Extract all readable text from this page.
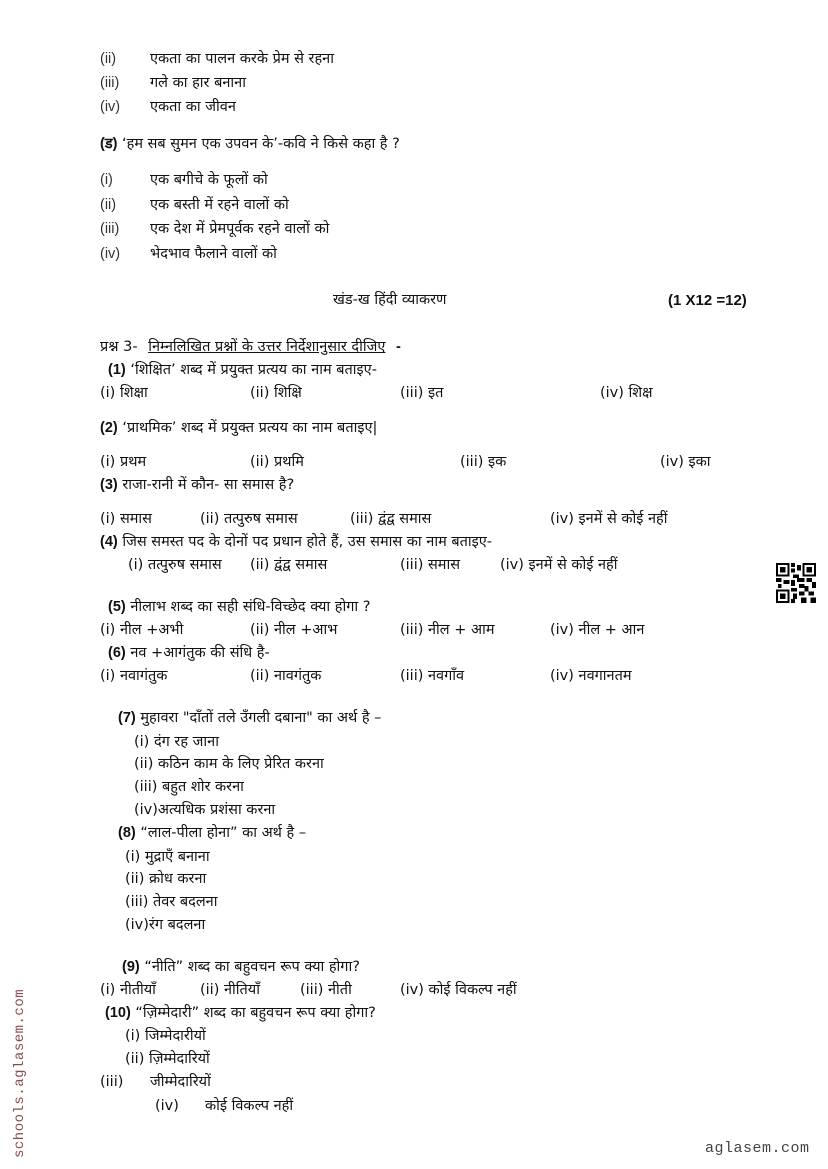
(ii) एकता का पालन करके प्रेम से रहना
(iii) गले का हार बनाना
(iv) एकता का जीवन
(ड) ‘हम सब सुमन एक उपवन के’-कवि ने किसे कहा है ?
(i)	एक बगीचे के फूलों को
(ii) एक बस्ती में रहने वालों को
(iii) एक देश में प्रेमपूर्वक रहने वालों को
(iv) भेदभाव फैलाने वालों को
खंड-ख हिंदी व्याकरण	(1 X12 =12)
प्रश्न 3- निम्नलिखित प्रश्नों के उत्तर निर्देशानुसार दीजिए -
(1) ‘शिक्षित’ शब्द में प्रयुक्त प्रत्यय का नाम बताइए-
(i) शिक्षा	(ii) शिक्षि	(iii) इत	(iv) शिक्ष
(2) ‘प्राथमिक’ शब्द में प्रयुक्त प्रत्यय का नाम बताइए|
(i) प्रथम	(ii) प्रथमि	(iii) इक	(iv) इका
(3) राजा-रानी में कौन- सा समास है?
(i) समास	(ii) तत्पुरुष समास	(iii) द्वंद्व समास	(iv) इनमें से कोई नहीं
(4) जिस समस्त पद के दोनों पद प्रधान होते हैं, उस समास का नाम बताइए-
(i) तत्पुरुष समास (ii) द्वंद्व समास	(iii) समास	(iv) इनमें से कोई नहीं
(5) नीलाभ शब्द का सही संधि-विच्छेद क्या होगा ?
(i) नील +अभी	(ii) नील +आभ	(iii) नील + आम	(iv) नील + आन
(6) नव +आगंतुक की संधि है-
(i) नवागंतुक	(ii) नावगंतुक	(iii) नवगाँव	(iv) नवगानतम
(7) मुहावरा "दाँतों तले उँगली दबाना" का अर्थ है –
(i) दंग रह जाना
(ii) कठिन काम के लिए प्रेरित करना
(iii) बहुत शोर करना
(iv)अत्यधिक प्रशंसा करना
(8) “लाल-पीला होना” का अर्थ है –
(i) मुद्राएँ बनाना
(ii) क्रोध करना
(iii) तेवर बदलना
(iv)रंग बदलना
(9) “नीति” शब्द का बहुवचन रूप क्या होगा?
(i) नीतीयाँ	(ii) नीतियाँ	(iii) नीती	(iv) कोई विकल्प नहीं
(10) “ज़िम्मेदारी” शब्द का बहुवचन रूप क्या होगा?
(i) जिम्मेदारीयों
(ii) ज़िम्मेदारियों
(iii) जीम्मेदारियों
(iv) कोई विकल्प नहीं
schools.aglasem.com	aglasem.com
